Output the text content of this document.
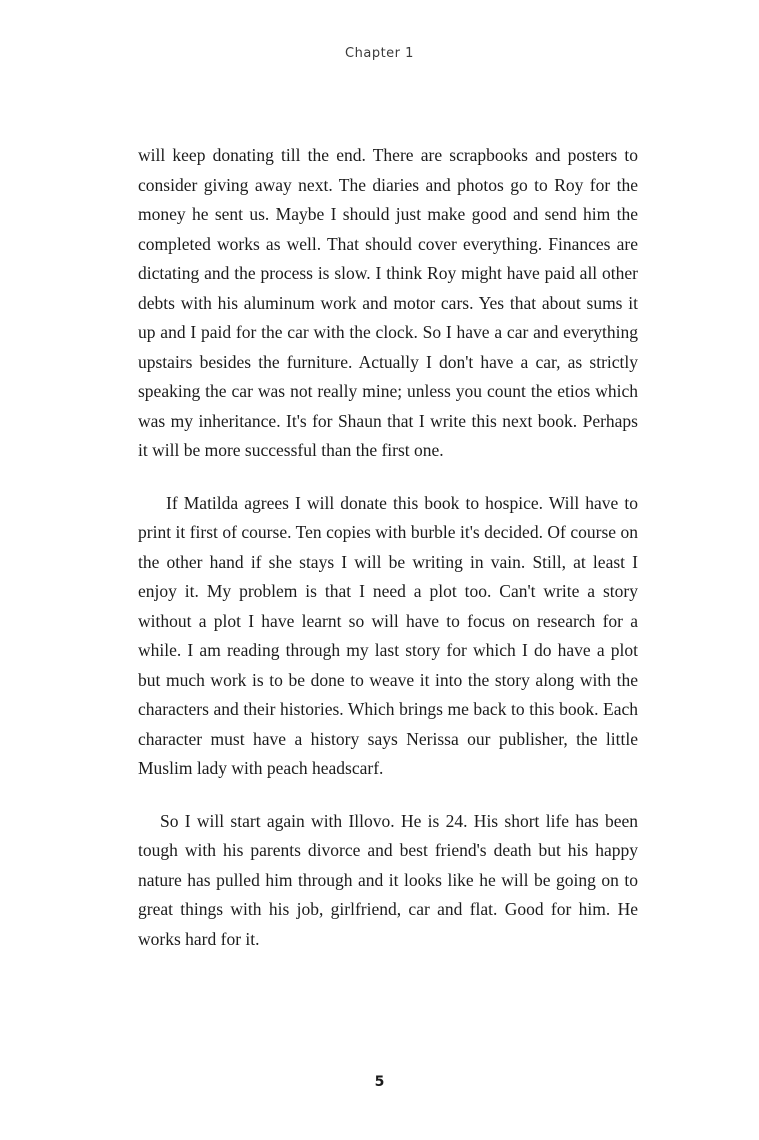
Chapter 1

will keep donating till the end. There are scrapbooks and posters to consider giving away next. The diaries and photos go to Roy for the money he sent us. Maybe I should just make good and send him the completed works as well. That should cover everything. Finances are dictating and the process is slow. I think Roy might have paid all other debts with his aluminum work and motor cars. Yes that about sums it up and I paid for the car with the clock. So I have a car and everything upstairs besides the furniture. Actually I don't have a car, as strictly speaking the car was not really mine; unless you count the etios which was my inheritance. It's for Shaun that I write this next book. Perhaps it will be more successful than the first one.

If Matilda agrees I will donate this book to hospice. Will have to print it first of course. Ten copies with burble it's decided. Of course on the other hand if she stays I will be writing in vain. Still, at least I enjoy it. My problem is that I need a plot too. Can't write a story without a plot I have learnt so will have to focus on research for a while. I am reading through my last story for which I do have a plot but much work is to be done to weave it into the story along with the characters and their histories. Which brings me back to this book. Each character must have a history says Nerissa our publisher, the little Muslim lady with peach headscarf.

So I will start again with Illovo. He is 24. His short life has been tough with his parents divorce and best friend's death but his happy nature has pulled him through and it looks like he will be going on to great things with his job, girlfriend, car and flat. Good for him. He works hard for it.

5
